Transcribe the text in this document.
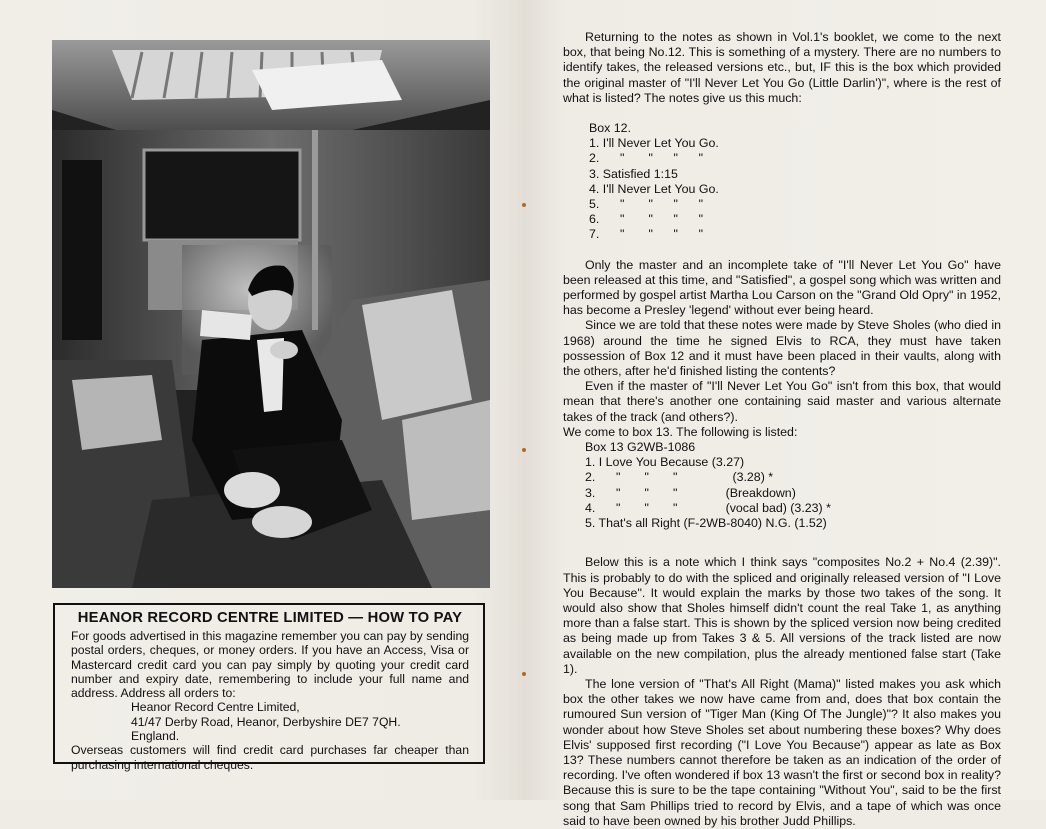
HEANOR RECORD CENTRE LIMITED — HOW TO PAY

For goods advertised in this magazine remember you can pay by sending postal orders, cheques, or money orders. If you have an Access, Visa or Mastercard credit card you can pay simply by quoting your credit card number and expiry date, remembering to include your full name and address. Address all orders to:

Heanor Record Centre Limited,

41/47 Derby Road, Heanor, Derbyshire DE7 7QH.

England.

Overseas customers will find credit card purchases far cheaper than purchasing international cheques.

Returning to the notes as shown in Vol.1's booklet, we come to the next box, that being No.12. This is something of a mystery. There are no numbers to identify takes, the released versions etc., but, IF this is the box which provided the original master of "I'll Never Let You Go (Little Darlin')", where is the rest of what is listed? The notes give us this much:

Box 12.
1. I'll Never Let You Go.
2.      "       "      "      "
3. Satisfied 1:15
4. I'll Never Let You Go.
5.      "       "      "      "
6.      "       "      "      "
7.      "       "      "      "

Only the master and an incomplete take of "I'll Never Let You Go" have been released at this time, and "Satisfied", a gospel song which was written and performed by gospel artist Martha Lou Carson on the "Grand Old Opry" in 1952, has become a Presley 'legend' without ever being heard.

Since we are told that these notes were made by Steve Sholes (who died in 1968) around the time he signed Elvis to RCA, they must have taken possession of Box 12 and it must have been placed in their vaults, along with the others, after he'd finished listing the contents?

Even if the master of "I'll Never Let You Go" isn't from this box, that would mean that there's another one containing said master and various alternate takes of the track (and others?).

We come to box 13. The following is listed:

Box 13 G2WB-1086
1. I Love You Because (3.27)
2.      "       "       "                (3.28) *
3.      "       "       "              (Breakdown)
4.      "       "       "              (vocal bad) (3.23) *
5. That's all Right (F-2WB-8040) N.G. (1.52)

Below this is a note which I think says "composites No.2 + No.4 (2.39)". This is probably to do with the spliced and originally released version of "I Love You Because". It would explain the marks by those two takes of the song. It would also show that Sholes himself didn't count the real Take 1, as anything more than a false start. This is shown by the spliced version now being credited as being made up from Takes 3 & 5. All versions of the track listed are now available on the new compilation, plus the already mentioned false start (Take 1).

The lone version of "That's All Right (Mama)" listed makes you ask which box the other takes we now have came from and, does that box contain the rumoured Sun version of "Tiger Man (King Of The Jungle)"? It also makes you wonder about how Steve Sholes set about numbering these boxes? Why does Elvis' supposed first recording ("I Love You Because") appear as late as Box 13? These numbers cannot therefore be taken as an indication of the order of recording. I've often wondered if box 13 wasn't the first or second box in reality? Because this is sure to be the tape containing "Without You", said to be the first song that Sam Phillips tried to record by Elvis, and a tape of which was once said to have been owned by his brother Judd Phillips.
